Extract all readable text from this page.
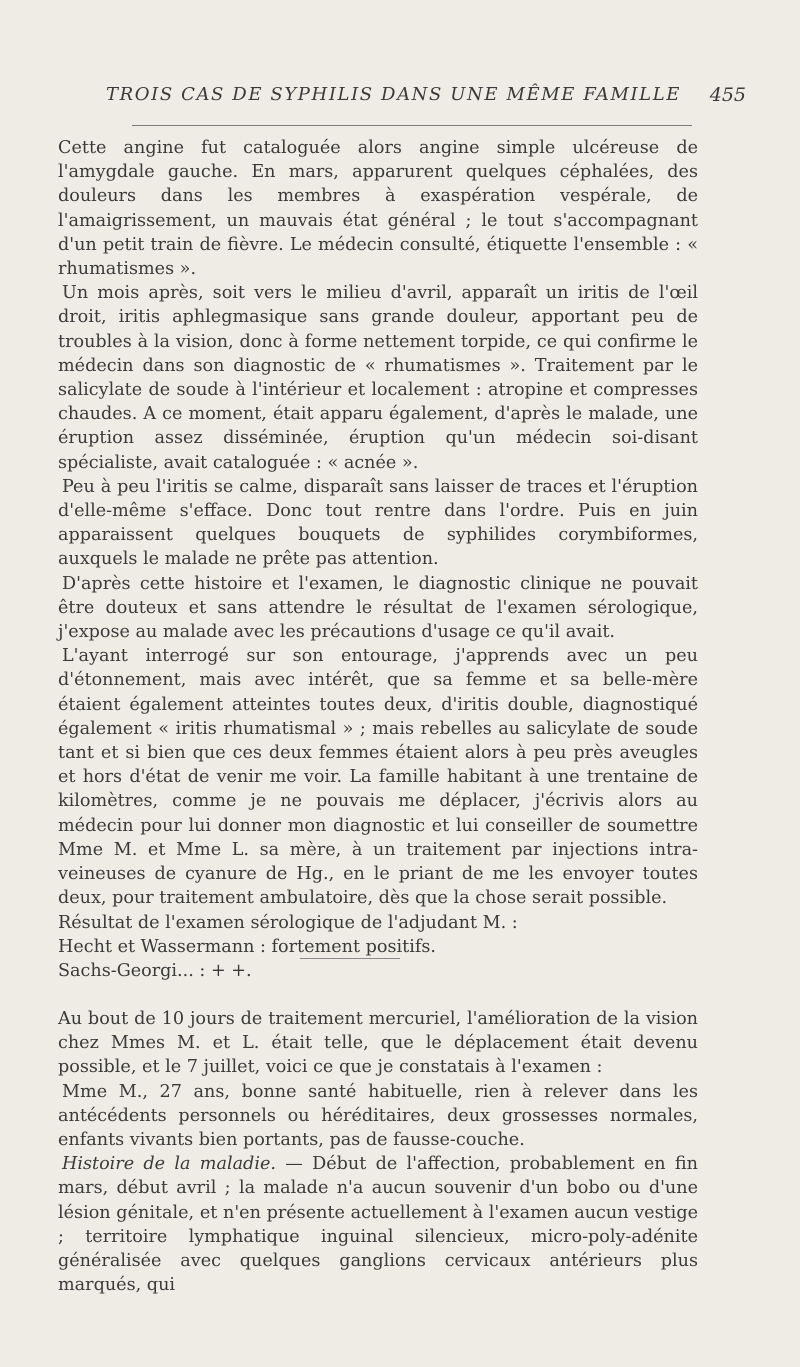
TROIS CAS DE SYPHILIS DANS UNE MÊME FAMILLE 455

Cette angine fut cataloguée alors angine simple ulcéreuse de l'amygdale gauche. En mars, apparurent quelques céphalées, des douleurs dans les membres à exaspération vespérale, de l'amaigrissement, un mauvais état général ; le tout s'accompagnant d'un petit train de fièvre. Le médecin consulté, étiquette l'ensemble : « rhumatismes ».

Un mois après, soit vers le milieu d'avril, apparaît un iritis de l'œil droit, iritis aphlegmasique sans grande douleur, apportant peu de troubles à la vision, donc à forme nettement torpide, ce qui confirme le médecin dans son diagnostic de « rhumatismes ». Traitement par le salicylate de soude à l'intérieur et localement : atropine et compresses chaudes. A ce moment, était apparu également, d'après le malade, une éruption assez disséminée, éruption qu'un médecin soi-disant spécialiste, avait cataloguée : « acnée ».

Peu à peu l'iritis se calme, disparaît sans laisser de traces et l'éruption d'elle-même s'efface. Donc tout rentre dans l'ordre. Puis en juin apparaissent quelques bouquets de syphilides corymbiformes, auxquels le malade ne prête pas attention.

D'après cette histoire et l'examen, le diagnostic clinique ne pouvait être douteux et sans attendre le résultat de l'examen sérologique, j'expose au malade avec les précautions d'usage ce qu'il avait.

L'ayant interrogé sur son entourage, j'apprends avec un peu d'étonnement, mais avec intérêt, que sa femme et sa belle-mère étaient également atteintes toutes deux, d'iritis double, diagnostiqué également « iritis rhumatismal » ; mais rebelles au salicylate de soude tant et si bien que ces deux femmes étaient alors à peu près aveugles et hors d'état de venir me voir. La famille habitant à une trentaine de kilomètres, comme je ne pouvais me déplacer, j'écrivis alors au médecin pour lui donner mon diagnostic et lui conseiller de soumettre Mme M. et Mme L. sa mère, à un traitement par injections intra-veineuses de cyanure de Hg., en le priant de me les envoyer toutes deux, pour traitement ambulatoire, dès que la chose serait possible.

Résultat de l'examen sérologique de l'adjudant M. :

Hecht et Wassermann : fortement positifs.

Sachs-Georgi... : + +.

Au bout de 10 jours de traitement mercuriel, l'amélioration de la vision chez Mmes M. et L. était telle, que le déplacement était devenu possible, et le 7 juillet, voici ce que je constatais à l'examen :

Mme M., 27 ans, bonne santé habituelle, rien à relever dans les antécédents personnels ou héréditaires, deux grossesses normales, enfants vivants bien portants, pas de fausse-couche.

Histoire de la maladie. — Début de l'affection, probablement en fin mars, début avril ; la malade n'a aucun souvenir d'un bobo ou d'une lésion génitale, et n'en présente actuellement à l'examen aucun vestige ; territoire lymphatique inguinal silencieux, micro-poly-adénite généralisée avec quelques ganglions cervicaux antérieurs plus marqués, qui
